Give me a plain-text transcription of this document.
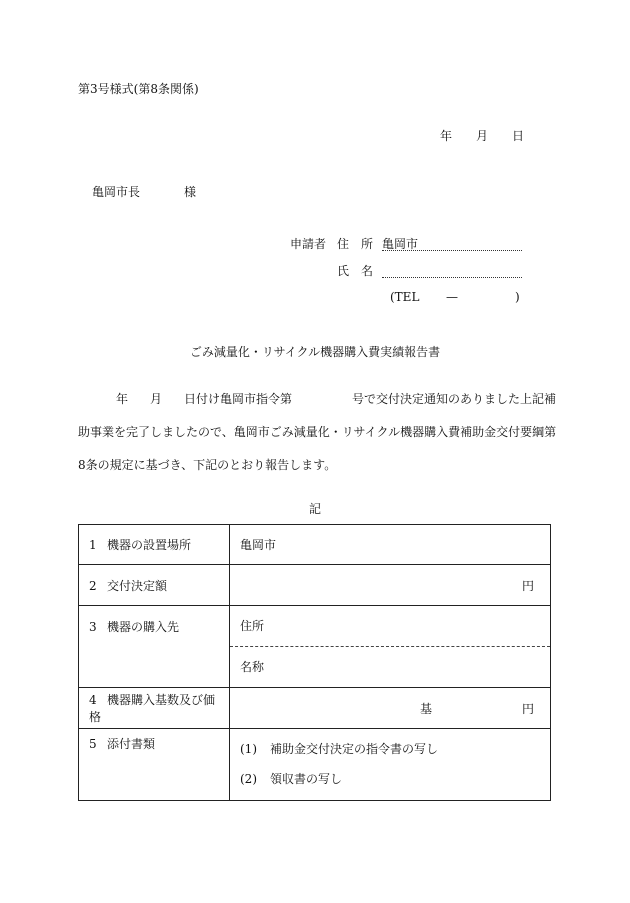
第3号様式(第8条関係)
年 月 日
亀岡市長	様
申請者 住　所 亀岡市
氏　名
(TEL —	)
ごみ減量化・リサイクル機器購入費実績報告書
年 月 日付け亀岡市指令第	号で交付決定通知のありました上記補
助事業を完了しましたので、亀岡市ごみ減量化・リサイクル機器購入費補助金交付要綱第
8条の規定に基づき、下記のとおり報告します。
記
1 機器の設置場所	亀岡市
2 交付決定額	円
3 機器の購入先	住所
名称

4 機器購入基数及び価格	基 円

5 添付書類	(1) 補助金交付決定の指令書の写し
(2) 領収書の写し
